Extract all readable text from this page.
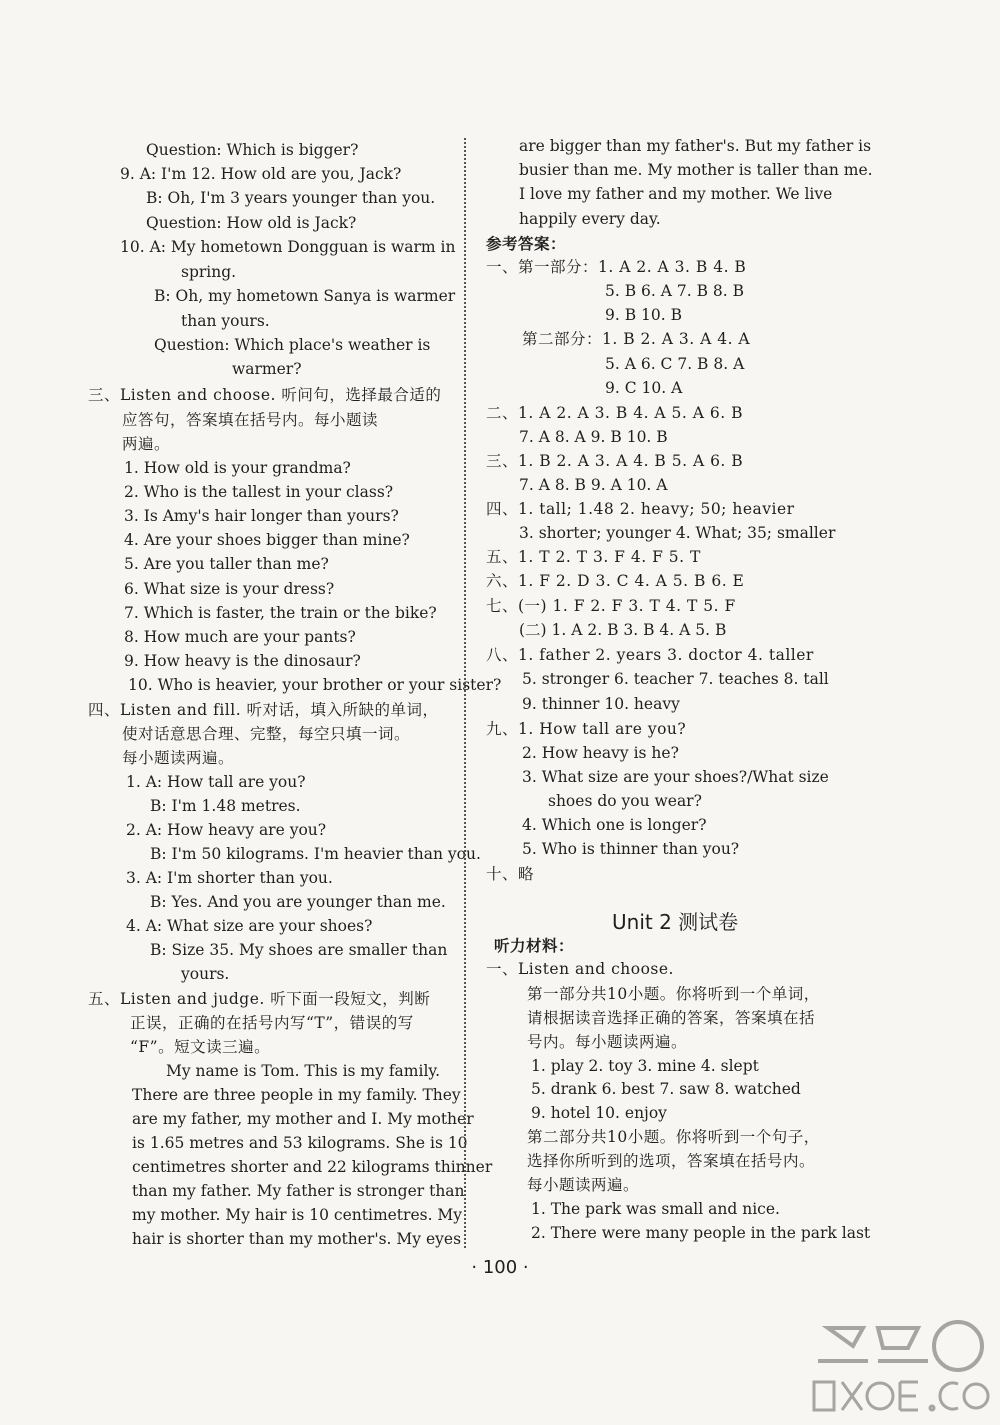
Question: Which is bigger?
9. A: I'm 12. How old are you, Jack?
B: Oh, I'm 3 years younger than you.
Question: How old is Jack?
10. A: My hometown Dongguan is warm in
spring.
B: Oh, my hometown Sanya is warmer
than yours.
Question: Which place's weather is
warmer?
三、Listen and choose. 听问句，选择最合适的
应答句，答案填在括号内。每小题读
两遍。
1. How old is your grandma?
2. Who is the tallest in your class?
3. Is Amy's hair longer than yours?
4. Are your shoes bigger than mine?
5. Are you taller than me?
6. What size is your dress?
7. Which is faster, the train or the bike?
8. How much are your pants?
9. How heavy is the dinosaur?
10. Who is heavier, your brother or your sister?
四、Listen and fill. 听对话，填入所缺的单词，
使对话意思合理、完整，每空只填一词。
每小题读两遍。
1. A: How tall are you?
B: I'm 1.48 metres.
2. A: How heavy are you?
B: I'm 50 kilograms. I'm heavier than you.
3. A: I'm shorter than you.
B: Yes. And you are younger than me.
4. A: What size are your shoes?
B: Size 35. My shoes are smaller than
yours.
五、Listen and judge. 听下面一段短文，判断
正误，正确的在括号内写“T”，错误的写
“F”。短文读三遍。
My name is Tom. This is my family.
There are three people in my family. They
are my father, my mother and I. My mother
is 1.65 metres and 53 kilograms. She is 10
centimetres shorter and 22 kilograms thinner
than my father. My father is stronger than
my mother. My hair is 10 centimetres. My
hair is shorter than my mother's. My eyes
are bigger than my father's. But my father is
busier than me. My mother is taller than me.
I love my father and my mother. We live
happily every day.
参考答案：
一、第一部分：1. A 2. A 3. B 4. B
5. B 6. A 7. B 8. B
9. B 10. B
第二部分：1. B 2. A 3. A 4. A
5. A 6. C 7. B 8. A
9. C 10. A
二、1. A 2. A 3. B 4. A 5. A 6. B
7. A 8. A 9. B 10. B
三、1. B 2. A 3. A 4. B 5. A 6. B
7. A 8. B 9. A 10. A
四、1. tall; 1.48 2. heavy; 50; heavier
3. shorter; younger 4. What; 35; smaller
五、1. T 2. T 3. F 4. F 5. T
六、1. F 2. D 3. C 4. A 5. B 6. E
七、(一) 1. F 2. F 3. T 4. T 5. F
(二) 1. A 2. B 3. B 4. A 5. B
八、1. father 2. years 3. doctor 4. taller
5. stronger 6. teacher 7. teaches 8. tall
9. thinner 10. heavy
九、1. How tall are you?
2. How heavy is he?
3. What size are your shoes?/What size
shoes do you wear?
4. Which one is longer?
5. Who is thinner than you?
十、略
Unit 2 测试卷
听力材料：
一、Listen and choose.
第一部分共10小题。你将听到一个单词，
请根据读音选择正确的答案，答案填在括
号内。每小题读两遍。
1. play 2. toy 3. mine 4. slept
5. drank 6. best 7. saw 8. watched
9. hotel 10. enjoy
第二部分共10小题。你将听到一个句子，
选择你所听到的选项，答案填在括号内。
每小题读两遍。
1. The park was small and nice.
2. There were many people in the park last
· 100 ·
